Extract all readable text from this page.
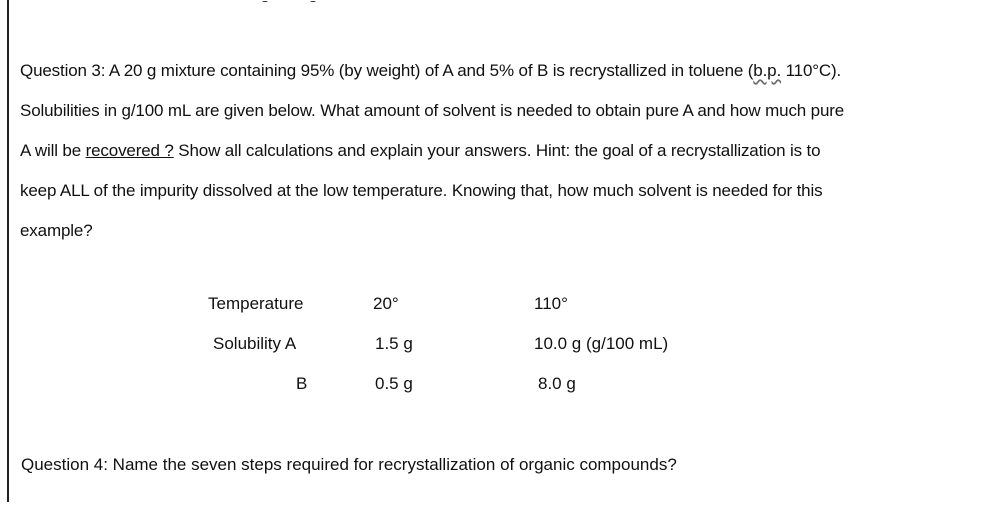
Question 3: A 20 g mixture containing 95% (by weight) of A and 5% of B is recrystallized in toluene (b.p. 110°C).
Solubilities in g/100 mL are given below. What amount of solvent is needed to obtain pure A and how much pure
A will be recovered ? Show all calculations and explain your answers. Hint: the goal of a recrystallization is to
keep ALL of the impurity dissolved at the low temperature. Knowing that, how much solvent is needed for this
example?
Temperature	20°	110°
Solubility A	1.5 g	10.0 g (g/100 mL)
B	0.5 g	8.0 g
Question 4: Name the seven steps required for recrystallization of organic compounds?
